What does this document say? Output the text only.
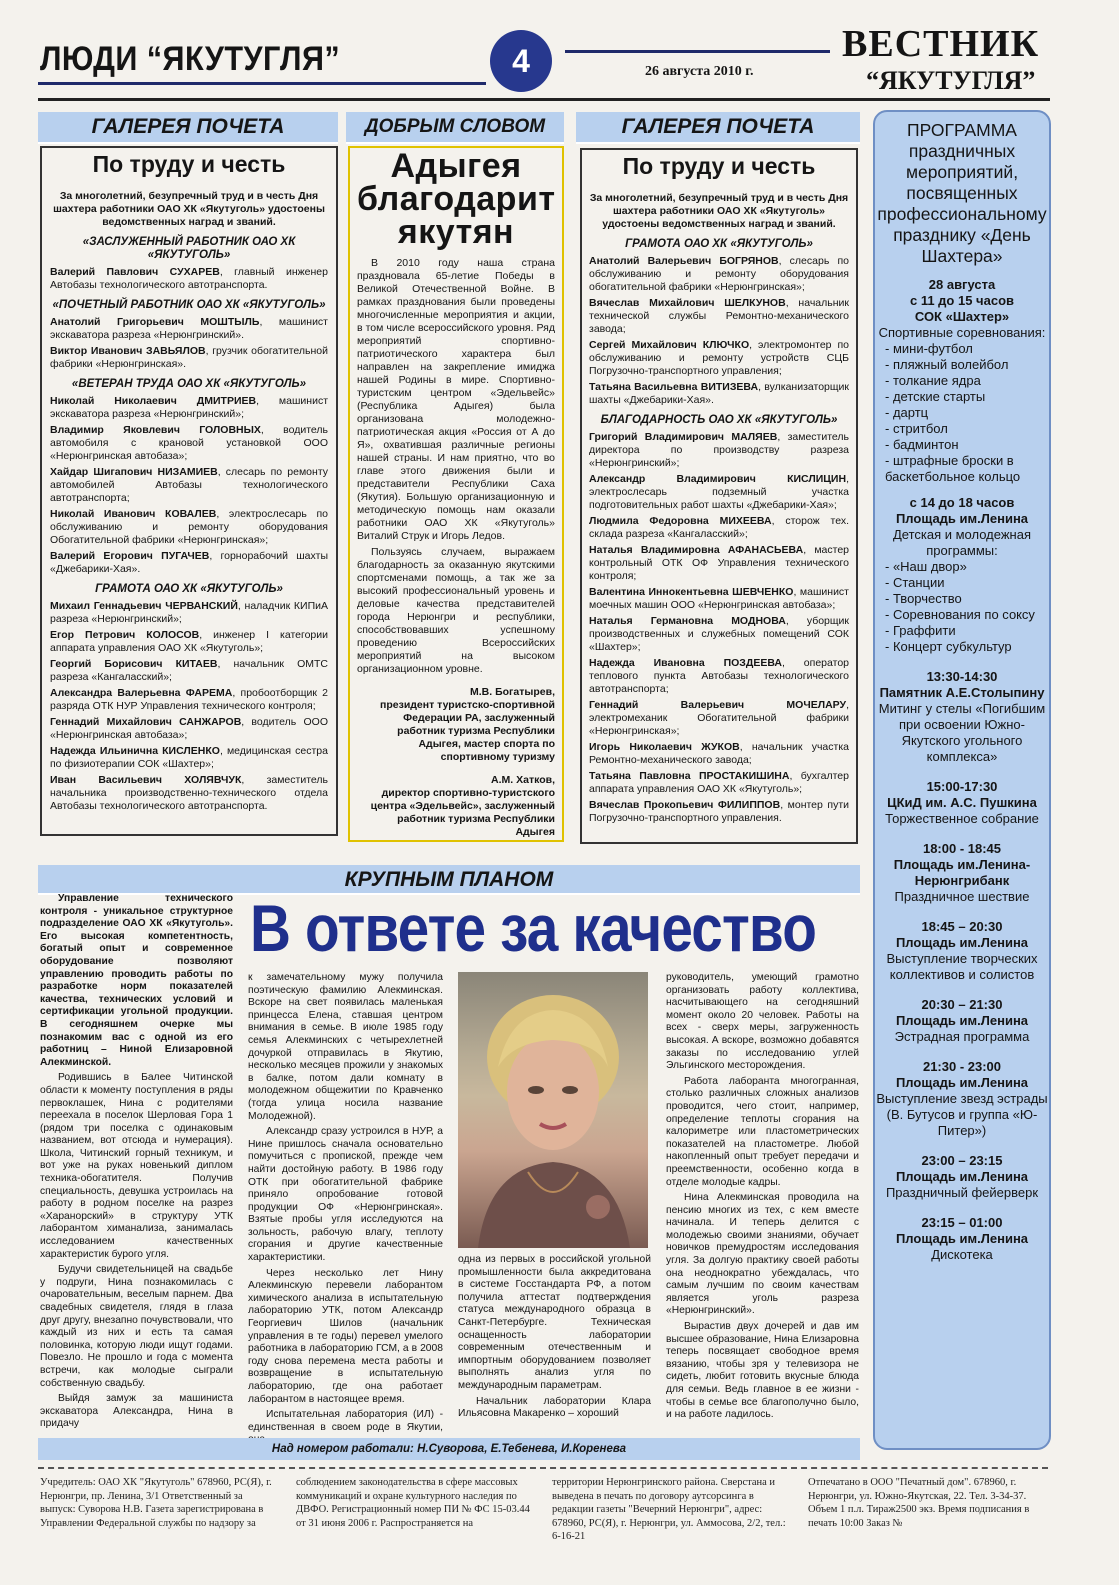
ЛЮДИ “ЯКУТУГЛЯ”	4	26 августа 2010 г.
ВЕСТНИК
“ЯКУТУГЛЯ”
ГАЛЕРЕЯ ПОЧЕТА
По труду и честь

За многолетний, безупречный труд и в честь Дня шахтера работники ОАО ХК «Якутуголь» удостоены ведомственных наград и званий.

«ЗАСЛУЖЕННЫЙ РАБОТНИК ОАО ХК «ЯКУТУГОЛЬ»

Валерий Павлович СУХАРЕВ, главный инженер Автобазы технологического автотранспорта.

«ПОЧЕТНЫЙ РАБОТНИК ОАО ХК «ЯКУТУГОЛЬ»

Анатолий Григорьевич МОШТЫЛЬ, машинист экскаватора разреза «Нерюнгринский».

Виктор Иванович ЗАВЬЯЛОВ, грузчик обогатительной фабрики «Нерюнгринская».

«ВЕТЕРАН ТРУДА ОАО ХК «ЯКУТУГОЛЬ»

Николай Николаевич ДМИТРИЕВ, машинист экскаватора разреза «Нерюнгринский»;

Владимир Яковлевич ГОЛОВНЫХ, водитель автомобиля с крановой установкой ООО «Нерюнгринская автобаза»;

Хайдар Шигапович НИЗАМИЕВ, слесарь по ремонту автомобилей Автобазы технологического автотранспорта;

Николай Иванович КОВАЛЕВ, электрослесарь по обслуживанию и ремонту оборудования Обогатительной фабрики «Нерюнгринская»;

Валерий Егорович ПУГАЧЕВ, горнорабочий шахты «Джебарики-Хая».

ГРАМОТА ОАО ХК «ЯКУТУГОЛЬ»

Михаил Геннадьевич ЧЕРВАНСКИЙ, наладчик КИПиА разреза «Нерюнгринский»;

Егор Петрович КОЛОСОВ, инженер I категории аппарата управления ОАО ХК «Якутуголь»;

Георгий Борисович КИТАЕВ, начальник ОМТС разреза «Кангаласский»;

Александра Валерьевна ФАРЕМА, пробоотборщик 2 разряда ОТК НУР Управления технического контроля;

Геннадий Михайлович САНЖАРОВ, водитель ООО «Нерюнгринская автобаза»;

Надежда Ильинична КИСЛЕНКО, медицинская сестра по физиотерапии СОК «Шахтер»;

Иван Васильевич ХОЛЯВЧУК, заместитель начальника производственно-технического отдела Автобазы технологического автотранспорта.

ДОБРЫМ СЛОВОМ
Адыгея благодарит якутян

В 2010 году наша страна праздновала 65-летие Победы в Великой Отечественной Войне. В рамках празднования были проведены многочисленные мероприятия и акции, в том числе всероссийского уровня. Ряд мероприятий спортивно-патриотического характера был направлен на закрепление имиджа нашей Родины в мире. Спортивно-туристским центром «Эдельвейс» (Республика Адыгея) была организована молодежно-патриотическая акция «Россия от А до Я», охватившая различные регионы нашей страны. И нам приятно, что во главе этого движения были и представители Республики Саха (Якутия). Большую организационную и методическую помощь нам оказали работники ОАО ХК «Якутуголь» Виталий Струк и Игорь Ледов.

Пользуясь случаем, выражаем благодарность за оказанную якутскими спортсменами помощь, а так же за высокий профессиональный уровень и деловые качества представителей города Нерюнгри и республики, способствовавших успешному проведению Всероссийских мероприятий на высоком организационном уровне.

М.В. Богатырев,
президент туристско-спортивной Федерации РА, заслуженный работник туризма Республики Адыгея, мастер спорта по спортивному туризму
А.М. Хатков,
директор спортивно-туристского центра «Эдельвейс», заслуженный работник туризма Республики Адыгея
ГАЛЕРЕЯ ПОЧЕТА
По труду и честь

За многолетний, безупречный труд и в честь Дня шахтера работники ОАО ХК «Якутуголь» удостоены ведомственных наград и званий.

ГРАМОТА ОАО ХК «ЯКУТУГОЛЬ»

Анатолий Валерьевич БОГРЯНОВ, слесарь по обслуживанию и ремонту оборудования обогатительной фабрики «Нерюнгринская»;

Вячеслав Михайлович ШЕЛКУНОВ, начальник технической службы Ремонтно-механического завода;

Сергей Михайлович КЛЮЧКО, электромонтер по обслуживанию и ремонту устройств СЦБ Погрузочно-транспортного управления;

Татьяна Васильевна ВИТИЗЕВА, вулканизаторщик шахты «Джебарики-Хая».

БЛАГОДАРНОСТЬ ОАО ХК «ЯКУТУГОЛЬ»

Григорий Владимирович МАЛЯЕВ, заместитель директора по производству разреза «Нерюнгринский»;

Александр Владимирович КИСЛИЦИН, электрослесарь подземный участка подготовительных работ шахты «Джебарики-Хая»;

Людмила Федоровна МИХЕЕВА, сторож тех. склада разреза «Кангаласский»;

Наталья Владимировна АФАНАСЬЕВА, мастер контрольный ОТК ОФ Управления технического контроля;

Валентина Иннокентьевна ШЕВЧЕНКО, машинист моечных машин ООО «Нерюнгринская автобаза»;

Наталья Германовна МОДНОВА, уборщик производственных и служебных помещений СОК «Шахтер»;

Надежда Ивановна ПОЗДЕЕВА, оператор теплового пункта Автобазы технологического автотранспорта;

Геннадий Валерьевич МОЧЕЛАРУ, электромеханик Обогатительной фабрики «Нерюнгринская»;

Игорь Николаевич ЖУКОВ, начальник участка Ремонтно-механического завода;

Татьяна Павловна ПРОСТАКИШИНА, бухгалтер аппарата управления ОАО ХК «Якутуголь»;

Вячеслав Прокопьевич ФИЛИППОВ, монтер пути Погрузочно-транспортного управления.

ПРОГРАММА праздничных мероприятий, посвященных профессиональному празднику «День Шахтера»
28 августа
с 11 до 15 часов
СОК «Шахтер»
Спортивные соревнования:
- мини-футбол
- пляжный волейбол
- толкание ядра
- детские старты
- дартц
- стритбол
- бадминтон
- штрафные броски в баскетбольное кольцо
с 14 до 18 часов
Площадь им.Ленина
Детская и молодежная программы:
- «Наш двор»
- Станции
- Творчество
- Соревнования по сокcу
- Граффити
- Концерт субкультур
13:30-14:30
Памятник А.Е.Столыпину
Митинг у стелы «Погибшим при освоении Южно-Якутского угольного комплекса»
15:00-17:30
ЦКиД им. А.С. Пушкина
Торжественное собрание
18:00 - 18:45
Площадь им.Ленина-Нерюнгрибанк
Праздничное шествие
18:45 – 20:30
Площадь им.Ленина
Выступление творческих коллективов и солистов
20:30 – 21:30
Площадь им.Ленина
Эстрадная программа
21:30 - 23:00
Площадь им.Ленина
Выступление звезд эстрады (В. Бутусов и группа «Ю-Питер»)
23:00 – 23:15
Площадь им.Ленина
Праздничный фейерверк
23:15 – 01:00
Площадь им.Ленина
Дискотека
КРУПНЫМ ПЛАНОМ
В ответе за качество

Управление технического контроля - уникальное структурное подразделение ОАО ХК «Якутуголь». Его высокая компетентность, богатый опыт и современное оборудование позволяют управлению проводить работы по разработке норм показателей качества, технических условий и сертификации угольной продукции. В сегодняшнем очерке мы познакомим вас с одной из его работниц – Ниной Елизаровной Алекминской.

Родившись в Балее Читинской области к моменту поступления в ряды первоклашек, Нина с родителями переехала в поселок Шерловая Гора 1 (рядом три поселка с одинаковым названием, вот отсюда и нумерация). Школа, Читинский горный техникум, и вот уже на руках новенький диплом техника-обогатителя. Получив специальность, девушка устроилась на работу в родном поселке на разрез «Харанорский» в структуру УТК лаборантом химанализа, занималась исследованием качественных характеристик бурого угля.

Будучи свидетельницей на свадьбе у подруги, Нина познакомилась с очаровательным, веселым парнем. Два свадебных свидетеля, глядя в глаза друг другу, внезапно почувствовали, что каждый из них и есть та самая половинка, которую люди ищут годами. Повезло. Не прошло и года с момента встречи, как молодые сыграли собственную свадьбу.

Выйдя замуж за машиниста экскаватора Александра, Нина в придачу

к замечательному мужу получила поэтическую фамилию Алекминская. Вскоре на свет появилась маленькая принцесса Елена, ставшая центром внимания в семье. В июле 1985 году семья Алекминских с четырехлетней дочуркой отправилась в Якутию, несколько месяцев прожили у знакомых в балке, потом дали комнату в молодежном общежитии по Кравченко (тогда улица носила название Молодежной).

Александр сразу устроился в НУР, а Нине пришлось сначала основательно помучиться с пропиской, прежде чем найти достойную работу. В 1986 году ОТК при обогатительной фабрике приняло опробование готовой продукции ОФ «Нерюнгринская». Взятые пробы угля исследуются на зольность, рабочую влагу, теплоту сгорания и другие качественные характеристики.

Через несколько лет Нину Алекминскую перевели лаборантом химического анализа в испытательную лабораторию УТК, потом Александр Георгиевич Шилов (начальник управления в те годы) перевел умелого работника в лабораторию ГСМ, а в 2008 году снова перемена места работы и возвращение в испытательную лабораторию, где она работает лаборантом в настоящее время.

Испытательная лаборатория (ИЛ) - единственная в своем роде в Якутии,

одна из первых в российской угольной промышленности была аккредитована в системе Госстандарта РФ, а потом получила аттестат подтверждения статуса международного образца в Санкт-Петербурге. Техническая оснащенность лаборатории современным отечественным и импортным оборудованием позволяет выполнять анализ угля по международным параметрам.

Начальник лаборатории Клара Ильясовна Макаренко – хороший

руководитель, умеющий грамотно организовать работу коллектива, насчитывающего на сегодняшний момент около 20 человек. Работы на всех - сверх меры, загруженность высокая. А вскоре, возможно добавятся заказы по исследованию углей Эльгинского месторождения.

Работа лаборанта многогранная, столько различных сложных анализов проводится, чего стоит, например, определение теплоты сгорания на калориметре или пластометрических показателей на пластометре. Любой накопленный опыт требует передачи и преемственности, особенно когда в отделе молодые кадры.

Нина Алекминская проводила на пенсию многих из тех, с кем вместе начинала. И теперь делится с молодежью своими знаниями, обучает новичков премудростям исследования угля. За долгую практику своей работы она неоднократно убеждалась, что самым лучшим по своим качествам является уголь разреза «Нерюнгринский».

Вырастив двух дочерей и дав им высшее образование, Нина Елизаровна теперь посвящает свободное время вязанию, чтобы зря у телевизора не сидеть, любит готовить вкусные блюда для семьи. Ведь главное в ее жизни - чтобы в семье все благополучно было, и на работе ладилось.

Над номером работали: Н.Суворова, Е.Тебенева, И.Коренева
Учредитель: ОАО ХК "Якутуголь" 678960, РС(Я), г. Нерюнгри, пр. Ленина, 3/1 Ответственный за выпуск: Суворова Н.В. Газета зарегистрирована в Управлении Федеральной службы по надзору за
соблюдением законодательства в сфере массовых коммуникаций и охране культурного наследия по ДВФО. Регистрационный номер ПИ № ФС 15-03.44 от 31 июня 2006 г. Распространяется на
территории Нерюнгринского района. Сверстана и выведена в печать по договору аутсорсинга в редакции газеты "Вечерний Нерюнгри", адрес: 678960, РС(Я), г. Нерюнгри, ул. Аммосова, 2/2, тел.: 6-16-21
Отпечатано в ООО "Печатный дом". 678960, г. Нерюнгри, ул. Южно-Якутская, 22. Тел. 3-34-37. Объем 1 п.л. Тираж2500 экз. Время подписания в печать 10:00 Заказ №
